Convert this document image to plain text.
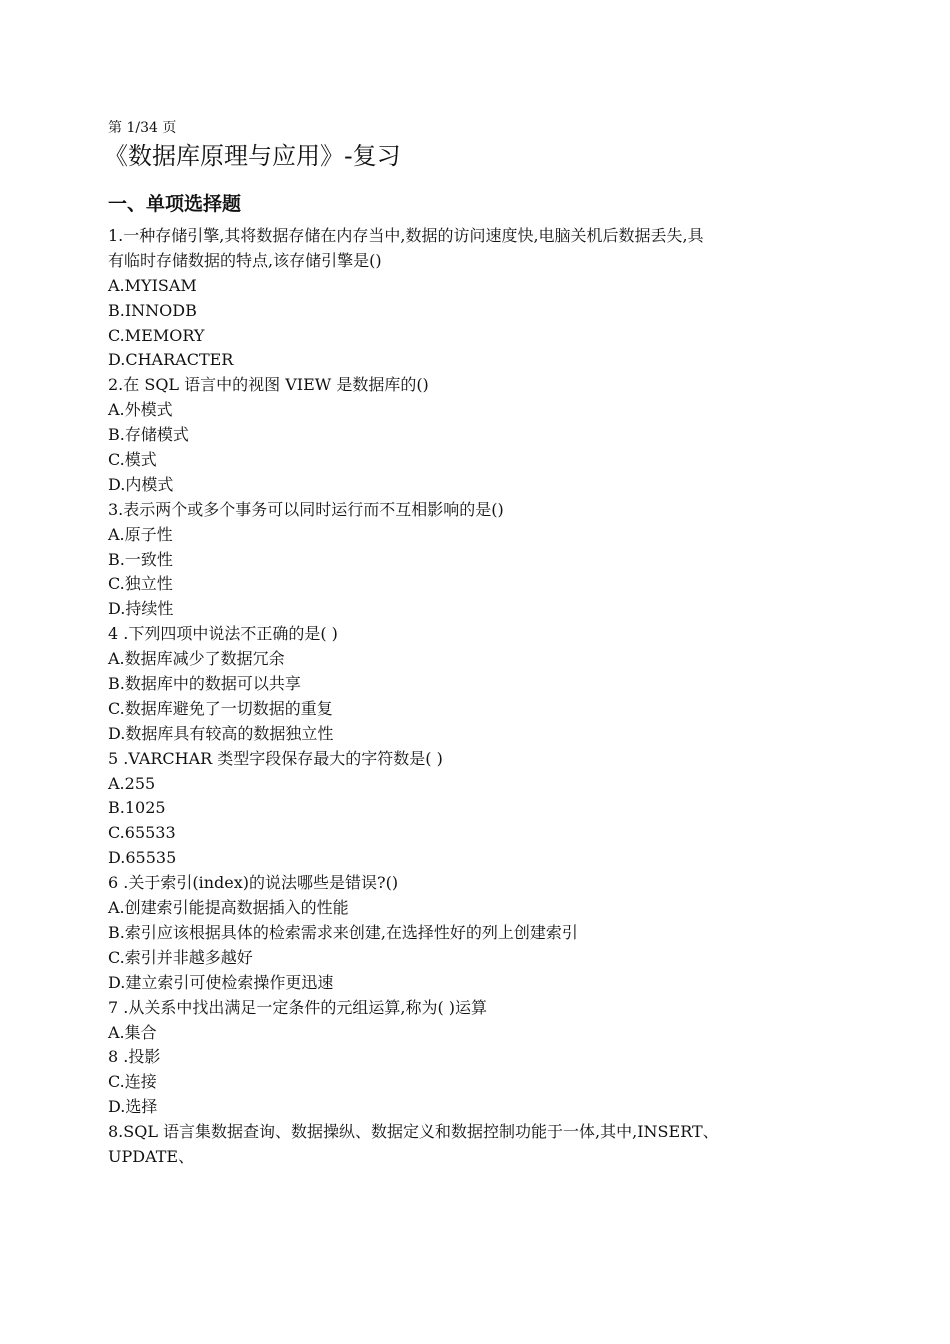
第 1/34 页
《数据库原理与应用》-复习
一、单项选择题
1.一种存储引擎,其将数据存储在内存当中,数据的访问速度快,电脑关机后数据丢失,具
有临时存储数据的特点,该存储引擎是()
A.MYISAM
B.INNODB
C.MEMORY
D.CHARACTER
2.在 SQL 语言中的视图 VIEW 是数据库的()
A.外模式
B.存储模式
C.模式
D.内模式
3.表示两个或多个事务可以同时运行而不互相影响的是()
A.原子性
B.一致性
C.独立性
D.持续性
4 .下列四项中说法不正确的是( )
A.数据库减少了数据冗余
B.数据库中的数据可以共享
C.数据库避免了一切数据的重复
D.数据库具有较高的数据独立性
5 .VARCHAR 类型字段保存最大的字符数是( )
A.255
B.1025
C.65533
D.65535
6 .关于索引(index)的说法哪些是错误?()
A.创建索引能提高数据插入的性能
B.索引应该根据具体的检索需求来创建,在选择性好的列上创建索引
C.索引并非越多越好
D.建立索引可使检索操作更迅速
7 .从关系中找出满足一定条件的元组运算,称为( )运算
A.集合
8 .投影
C.连接
D.选择
8.SQL 语言集数据查询、数据操纵、数据定义和数据控制功能于一体,其中,INSERT、
UPDATE、
